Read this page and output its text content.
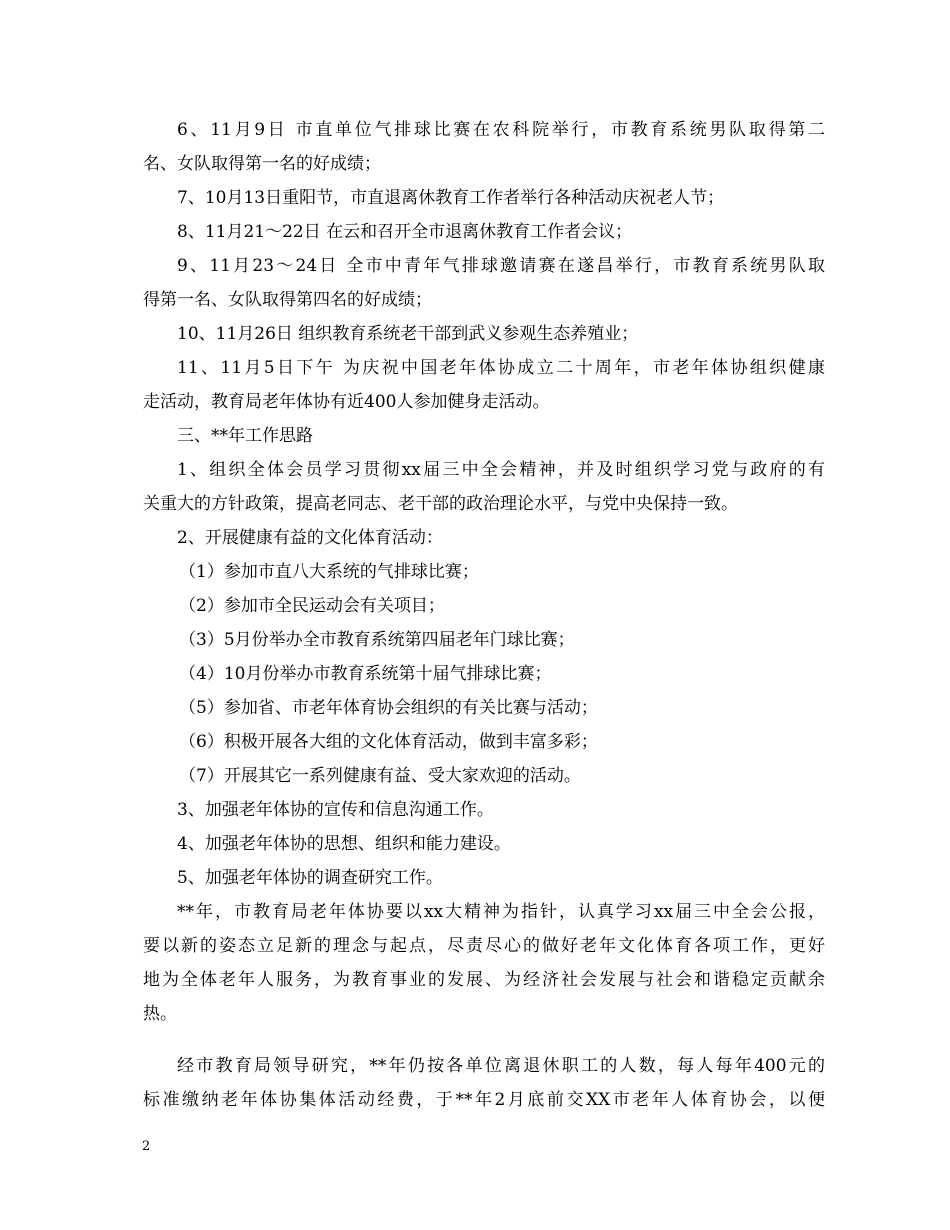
6、11月9日 市直单位气排球比赛在农科院举行，市教育系统男队取得第二
名、女队取得第一名的好成绩；
7、10月13日重阳节，市直退离休教育工作者举行各种活动庆祝老人节；
8、11月21～22日 在云和召开全市退离休教育工作者会议；
9、11月23～24日 全市中青年气排球邀请赛在遂昌举行，市教育系统男队取
得第一名、女队取得第四名的好成绩；
10、11月26日 组织教育系统老干部到武义参观生态养殖业；
11、11月5日下午 为庆祝中国老年体协成立二十周年，市老年体协组织健康
走活动，教育局老年体协有近400人参加健身走活动。
三、**年工作思路
1、组织全体会员学习贯彻xx届三中全会精神，并及时组织学习党与政府的有
关重大的方针政策，提高老同志、老干部的政治理论水平，与党中央保持一致。
2、开展健康有益的文化体育活动：
（1）参加市直八大系统的气排球比赛；
（2）参加市全民运动会有关项目；
（3）5月份举办全市教育系统第四届老年门球比赛；
（4）10月份举办市教育系统第十届气排球比赛；
（5）参加省、市老年体育协会组织的有关比赛与活动；
（6）积极开展各大组的文化体育活动，做到丰富多彩；
（7）开展其它一系列健康有益、受大家欢迎的活动。
3、加强老年体协的宣传和信息沟通工作。
4、加强老年体协的思想、组织和能力建设。
5、加强老年体协的调查研究工作。
**年，市教育局老年体协要以xx大精神为指针，认真学习xx届三中全会公报，
要以新的姿态立足新的理念与起点，尽责尽心的做好老年文化体育各项工作，更好
地为全体老年人服务，为教育事业的发展、为经济社会发展与社会和谐稳定贡献余
热。
经市教育局领导研究，**年仍按各单位离退休职工的人数，每人每年400元的
标准缴纳老年体协集体活动经费，于**年2月底前交XX市老年人体育协会，以便
2
